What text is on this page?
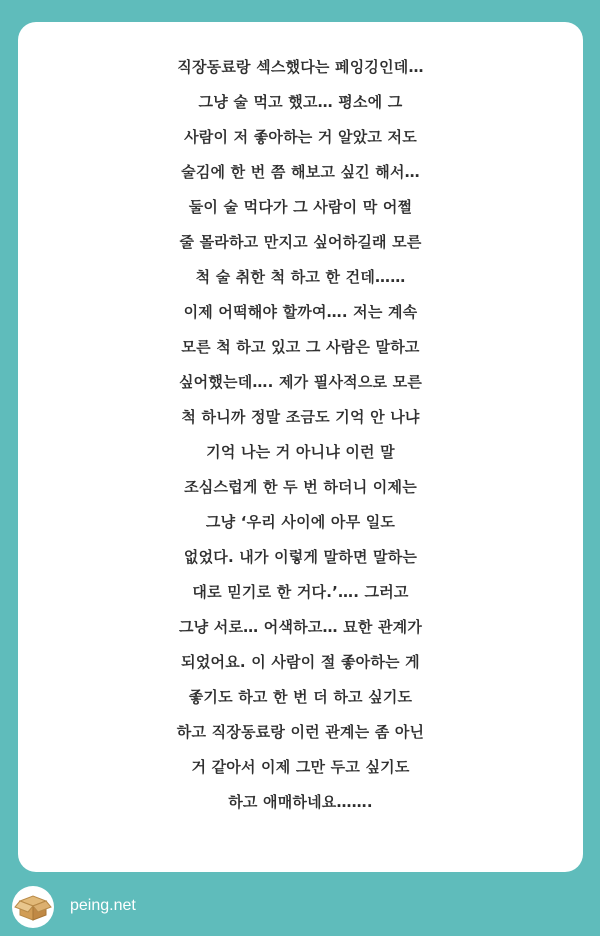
직장동료랑 섹스했다는 페잉깅인데…
그냥 술 먹고 했고… 평소에 그
사람이 저 좋아하는 거 알았고 저도
술김에 한 번 쯤 해보고 싶긴 해서…
둘이 술 먹다가 그 사람이 막 어쩔
줄 몰라하고 만지고 싶어하길래 모른
척 술 취한 척 하고 한 건데……
이제 어떡해야 할까여…. 저는 계속
모른 척 하고 있고 그 사람은 말하고
싶어했는데…. 제가 필사적으로 모른
척 하니까 정말 조금도 기억 안 나냐
기억 나는 거 아니냐 이런 말
조심스럽게 한 두 번 하더니 이제는
그냥 ‘우리 사이에 아무 일도
없었다. 내가 이렇게 말하면 말하는
대로 믿기로 한 거다.’…. 그러고
그냥 서로… 어색하고… 묘한 관계가
되었어요. 이 사람이 절 좋아하는 게
좋기도 하고 한 번 더 하고 싶기도
하고 직장동료랑 이런 관계는 좀 아닌
거 같아서 이제 그만 두고 싶기도
하고 애매하네요…….
peing.net
